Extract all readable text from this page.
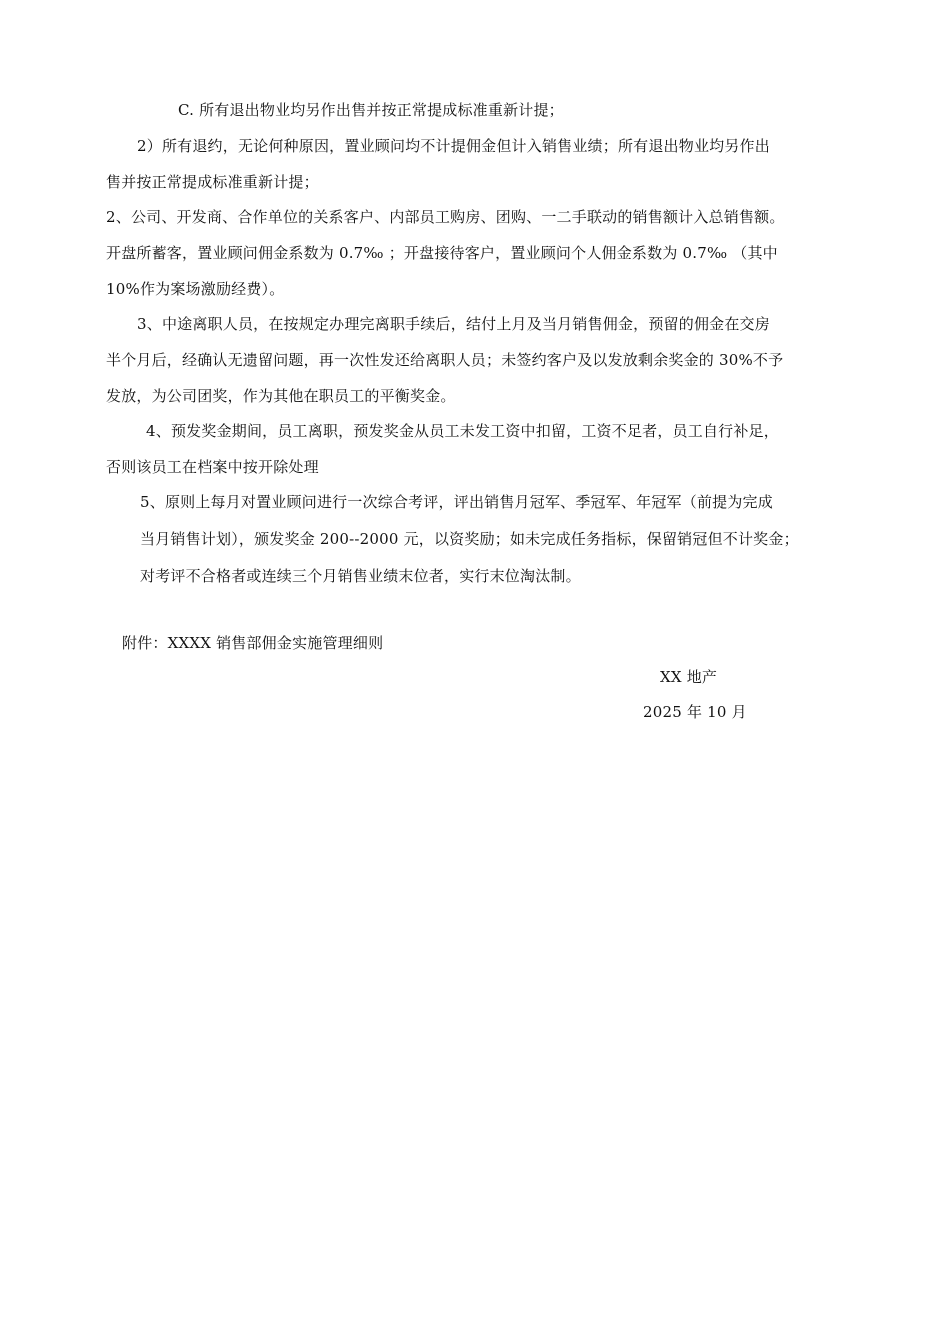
C. 所有退出物业均另作出售并按正常提成标准重新计提；
2）所有退约，无论何种原因，置业顾问均不计提佣金但计入销售业绩；所有退出物业均另作出
售并按正常提成标准重新计提；
2、公司、开发商、合作单位的关系客户、内部员工购房、团购、一二手联动的销售额计入总销售额。
开盘所蓄客，置业顾问佣金系数为 0.7‰ ；开盘接待客户，置业顾问个人佣金系数为 0.7‰ （其中
10%作为案场激励经费）。
3、中途离职人员，在按规定办理完离职手续后，结付上月及当月销售佣金，预留的佣金在交房
半个月后，经确认无遗留问题，再一次性发还给离职人员；未签约客户及以发放剩余奖金的 30%不予
发放，为公司团奖，作为其他在职员工的平衡奖金。
4、预发奖金期间，员工离职，预发奖金从员工未发工资中扣留，工资不足者，员工自行补足，
否则该员工在档案中按开除处理
5、原则上每月对置业顾问进行一次综合考评，评出销售月冠军、季冠军、年冠军（前提为完成
当月销售计划），颁发奖金 200--2000 元，以资奖励；如未完成任务指标，保留销冠但不计奖金；
对考评不合格者或连续三个月销售业绩末位者，实行末位淘汰制。
附件：XXXX 销售部佣金实施管理细则
XX 地产
2025 年 10 月
